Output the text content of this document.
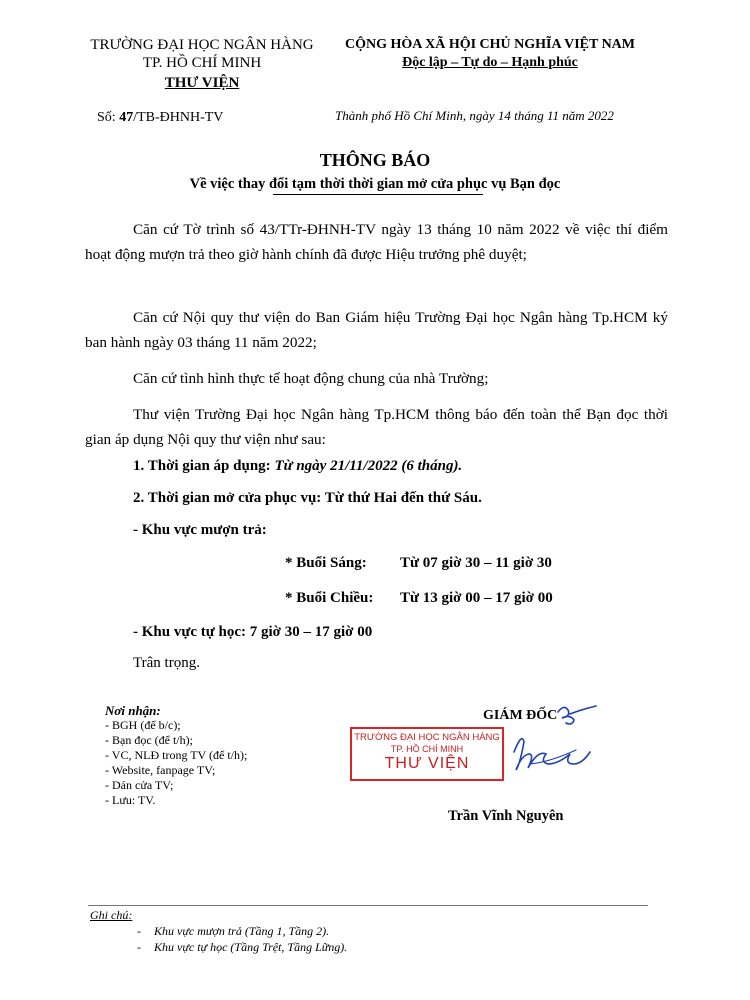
TRƯỜNG ĐẠI HỌC NGÂN HÀNG
TP. HỒ CHÍ MINH
THƯ VIỆN
CỘNG HÒA XÃ HỘI CHỦ NGHĨA VIỆT NAM
Độc lập – Tự do – Hạnh phúc
Số: 47/TB-ĐHNH-TV	Thành phố Hồ Chí Minh, ngày 14 tháng 11 năm 2022
THÔNG BÁO
Về việc thay đổi tạm thời thời gian mở cửa phục vụ Bạn đọc
Căn cứ Tờ trình số 43/TTr-ĐHNH-TV ngày 13 tháng 10 năm 2022 về việc thí điểm hoạt động mượn trả theo giờ hành chính đã được Hiệu trưởng phê duyệt;
Căn cứ Nội quy thư viện do Ban Giám hiệu Trường Đại học Ngân hàng Tp.HCM ký ban hành ngày 03 tháng 11 năm 2022;
Căn cứ tình hình thực tế hoạt động chung của nhà Trường;
Thư viện Trường Đại học Ngân hàng Tp.HCM thông báo đến toàn thể Bạn đọc thời gian áp dụng Nội quy thư viện như sau:
1. Thời gian áp dụng: Từ ngày 21/11/2022 (6 tháng).
2. Thời gian mở cửa phục vụ: Từ thứ Hai đến thứ Sáu.
- Khu vực mượn trả:
* Buổi Sáng: Từ 07 giờ 30 – 11 giờ 30
* Buổi Chiều: Từ 13 giờ 00 – 17 giờ 00
- Khu vực tự học: 7 giờ 30 – 17 giờ 00
Trân trọng.
Nơi nhận:
- BGH (để b/c);
- Bạn đọc (để t/h);
- VC, NLĐ trong TV (để t/h);
- Website, fanpage TV;
- Dán cửa TV;
- Lưu: TV.
GIÁM ĐỐC
TRƯỜNG ĐẠI HỌC NGÂN HÀNG
TP. HỒ CHÍ MINH
THƯ VIỆN
Trần Vĩnh Nguyên
Ghi chú:
- Khu vực mượn trả (Tầng 1, Tầng 2).
- Khu vực tự học (Tầng Trệt, Tầng Lững).
